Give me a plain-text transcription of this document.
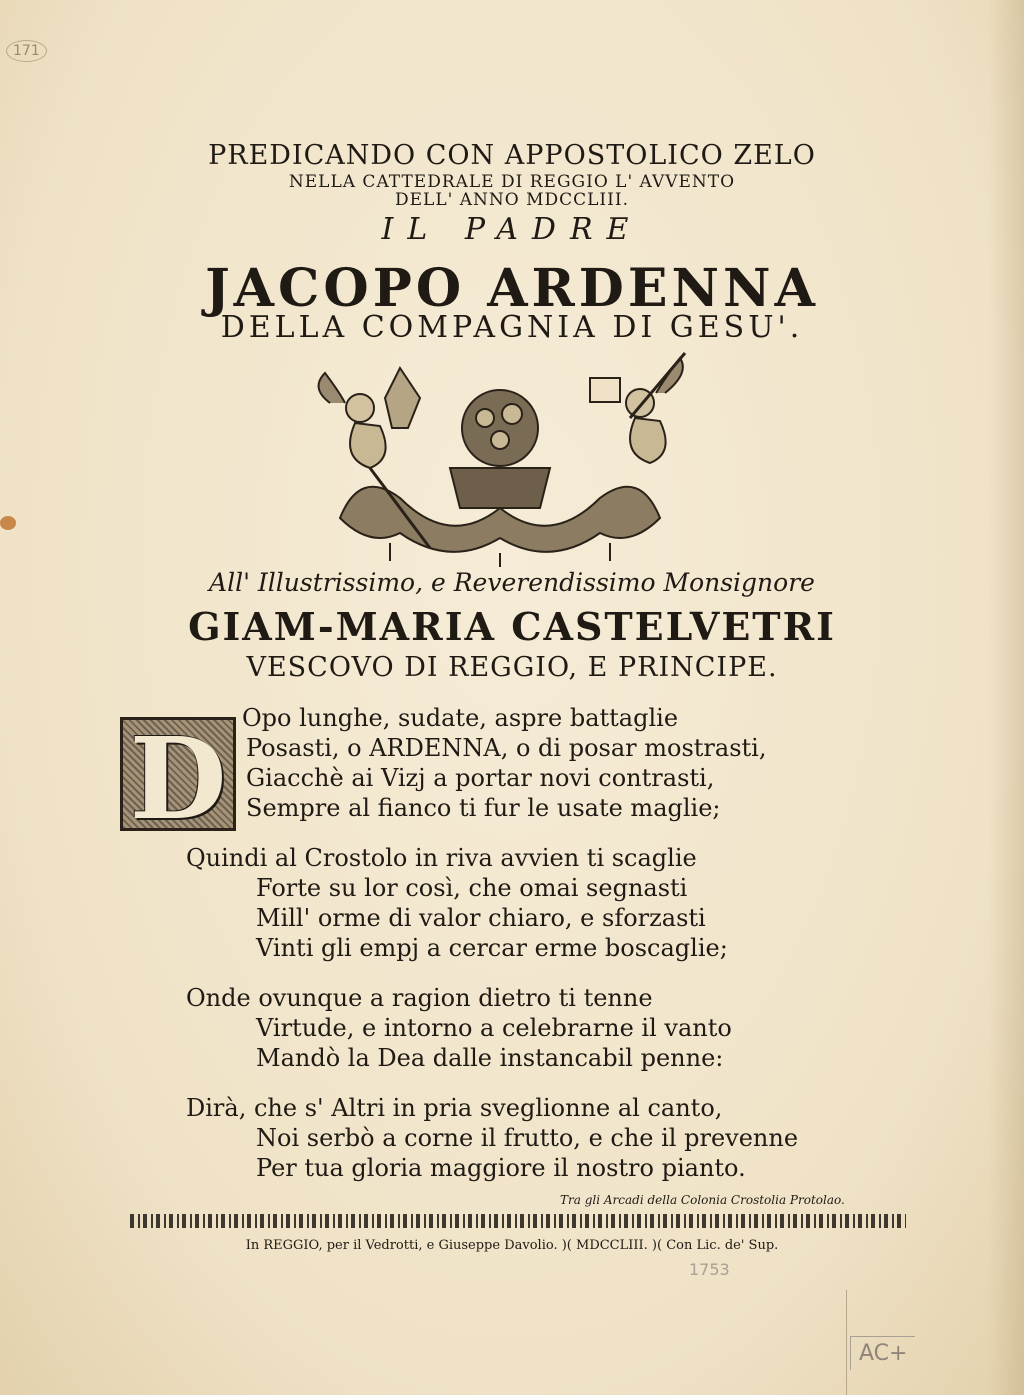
171
PREDICANDO CON APPOSTOLICO ZELO
NELLA CATTEDRALE DI REGGIO L' AVVENTO
DELL' ANNO MDCCLIII.
IL PADRE
JACOPO ARDENNA
DELLA COMPAGNIA DI GESU'.
All' Illustrissimo, e Reverendissimo Monsignore
GIAM-MARIA CASTELVETRI
VESCOVO DI REGGIO, E PRINCIPE.
D Opo lunghe, sudate, aspre battaglie
Posasti, o ARDENNA, o di posar mostrasti,
Giacchè ai Vizj a portar novi contrasti,
Sempre al fianco ti fur le usate maglie;
Quindi al Crostolo in riva avvien ti scaglie
Forte su lor così, che omai segnasti
Mill' orme di valor chiaro, e sforzasti
Vinti gli empj a cercar erme boscaglie;
Onde ovunque a ragion dietro ti tenne
Virtude, e intorno a celebrarne il vanto
Mandò la Dea dalle instancabil penne:
Dirà, che s' Altri in pria sveglionne al canto,
Noi serbò a corne il frutto, e che il prevenne
Per tua gloria maggiore il nostro pianto.
Tra gli Arcadi della Colonia Crostolia Protolao.
In REGGIO, per il Vedrotti, e Giuseppe Davolio. )( MDCCLIII. )( Con Lic. de' Sup.
1753
AC+
